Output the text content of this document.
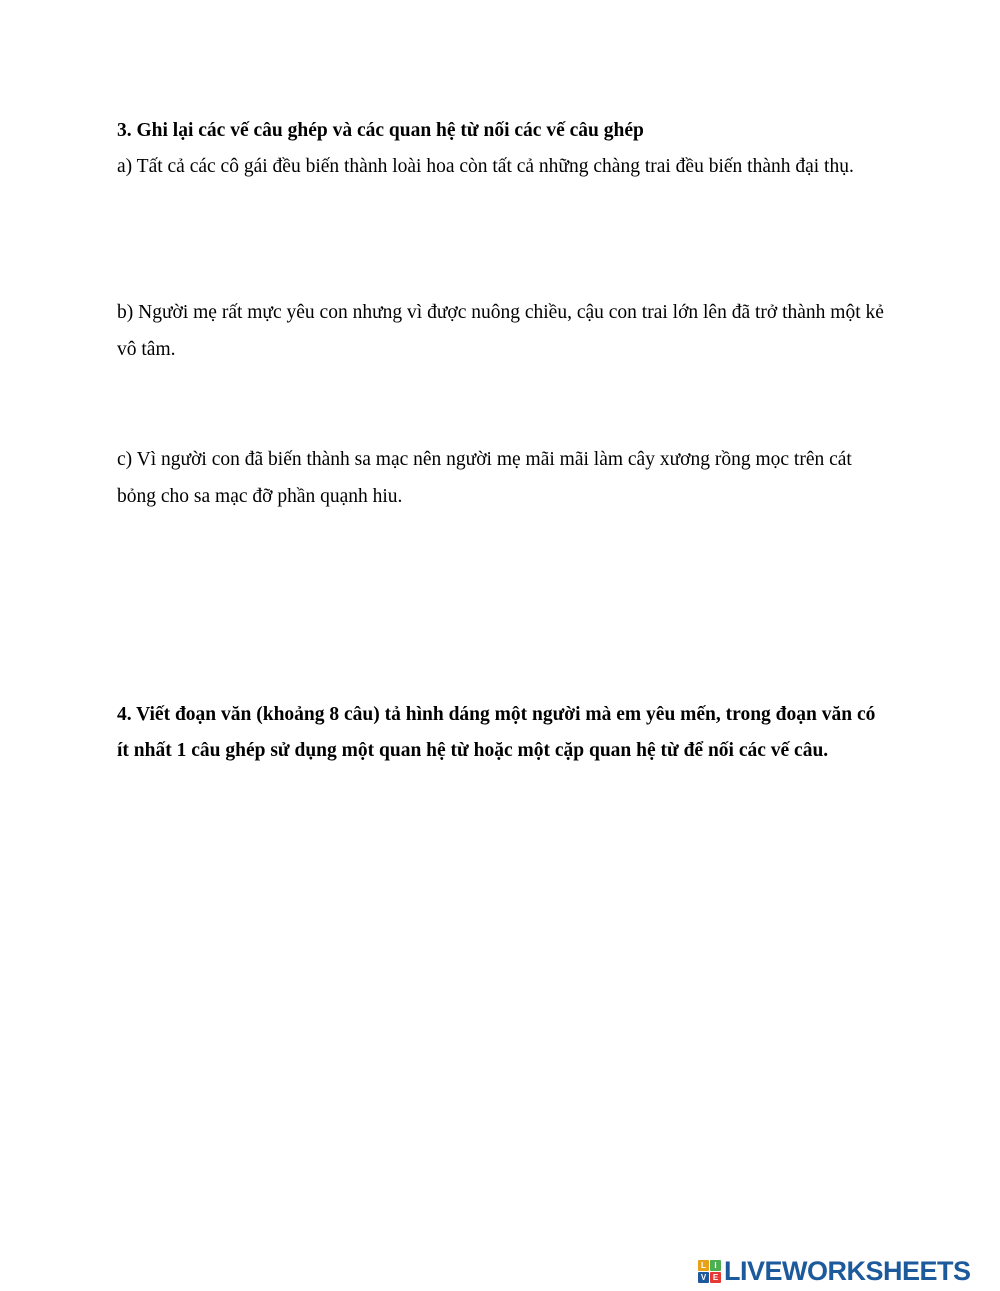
3. Ghi lại các vế câu ghép và các quan hệ từ nối các vế câu ghép
a) Tất cả các cô gái đều biến thành loài hoa còn tất cả những chàng trai đều biến thành đại thụ.
b) Người mẹ rất mực yêu con nhưng vì được nuông chiều, cậu con trai lớn lên đã trở thành một kẻ vô tâm.
c) Vì người con đã biến thành sa mạc nên người mẹ mãi mãi làm cây xương rồng mọc trên cát bỏng cho sa mạc đỡ phần quạnh hiu.
4. Viết đoạn văn (khoảng 8 câu) tả hình dáng một người mà em yêu mến, trong đoạn văn có ít nhất 1 câu ghép sử dụng một quan hệ từ hoặc một cặp quan hệ từ để nối các vế câu.
L	I
V E LIVEWORKSHEETS
